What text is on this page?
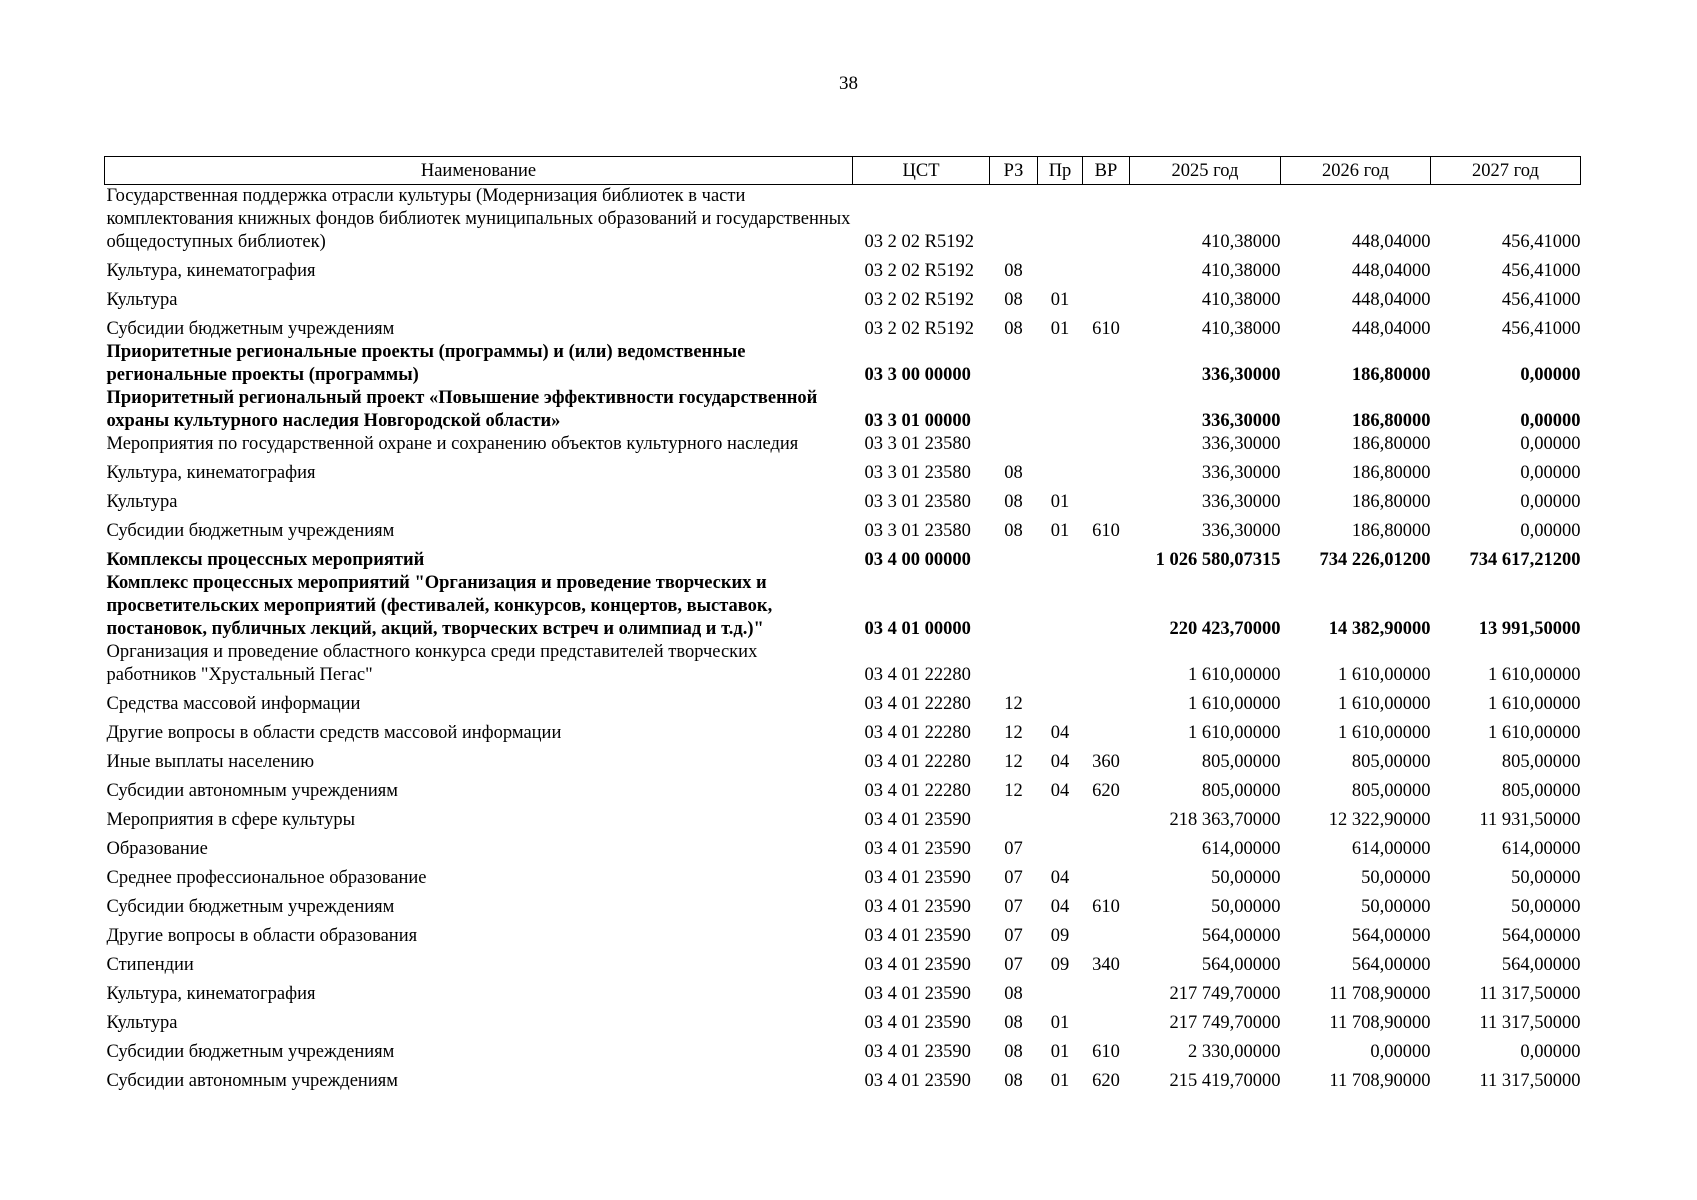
38
Наименование	ЦСТ	РЗ	Пр	ВР	2025 год	2026 год	2027 год
Государственная поддержка отрасли культуры (Модернизация библиотек в части комплектования книжных фондов библиотек муниципальных образований и государственных общедоступных библиотек)	03 2 02 R5192				410,38000	448,04000	456,41000
Культура, кинематография	03 2 02 R5192	08			410,38000	448,04000	456,41000
Культура	03 2 02 R5192	08	01		410,38000	448,04000	456,41000
Субсидии бюджетным учреждениям	03 2 02 R5192	08	01	610	410,38000	448,04000	456,41000
Приоритетные региональные проекты (программы) и (или) ведомственные региональные проекты (программы)	03 3 00 00000				336,30000	186,80000	0,00000
Приоритетный региональный проект «Повышение эффективности государственной охраны культурного наследия Новгородской области»	03 3 01 00000				336,30000	186,80000	0,00000
Мероприятия по государственной охране и сохранению объектов культурного наследия	03 3 01 23580				336,30000	186,80000	0,00000
Культура, кинематография	03 3 01 23580	08			336,30000	186,80000	0,00000
Культура	03 3 01 23580	08	01		336,30000	186,80000	0,00000
Субсидии бюджетным учреждениям	03 3 01 23580	08	01	610	336,30000	186,80000	0,00000
Комплексы процессных мероприятий	03 4 00 00000				1 026 580,07315	734 226,01200	734 617,21200
Комплекс процессных мероприятий "Организация и проведение творческих и просветительских мероприятий (фестивалей, конкурсов, концертов, выставок, постановок, публичных лекций, акций, творческих встреч и олимпиад и т.д.)"	03 4 01 00000				220 423,70000	14 382,90000	13 991,50000
Организация и проведение областного конкурса среди представителей творческих работников "Хрустальный Пегас"	03 4 01 22280				1 610,00000	1 610,00000	1 610,00000
Средства массовой информации	03 4 01 22280	12			1 610,00000	1 610,00000	1 610,00000
Другие вопросы в области средств массовой информации	03 4 01 22280	12	04		1 610,00000	1 610,00000	1 610,00000
Иные выплаты населению	03 4 01 22280	12	04	360	805,00000	805,00000	805,00000
Субсидии автономным учреждениям	03 4 01 22280	12	04	620	805,00000	805,00000	805,00000
Мероприятия в сфере культуры	03 4 01 23590				218 363,70000	12 322,90000	11 931,50000
Образование	03 4 01 23590	07			614,00000	614,00000	614,00000
Среднее профессиональное образование	03 4 01 23590	07	04		50,00000	50,00000	50,00000
Субсидии бюджетным учреждениям	03 4 01 23590	07	04	610	50,00000	50,00000	50,00000
Другие вопросы в области образования	03 4 01 23590	07	09		564,00000	564,00000	564,00000
Стипендии	03 4 01 23590	07	09	340	564,00000	564,00000	564,00000
Культура, кинематография	03 4 01 23590	08			217 749,70000	11 708,90000	11 317,50000
Культура	03 4 01 23590	08	01		217 749,70000	11 708,90000	11 317,50000
Субсидии бюджетным учреждениям	03 4 01 23590	08	01	610	2 330,00000	0,00000	0,00000
Субсидии автономным учреждениям	03 4 01 23590	08	01	620	215 419,70000	11 708,90000	11 317,50000
